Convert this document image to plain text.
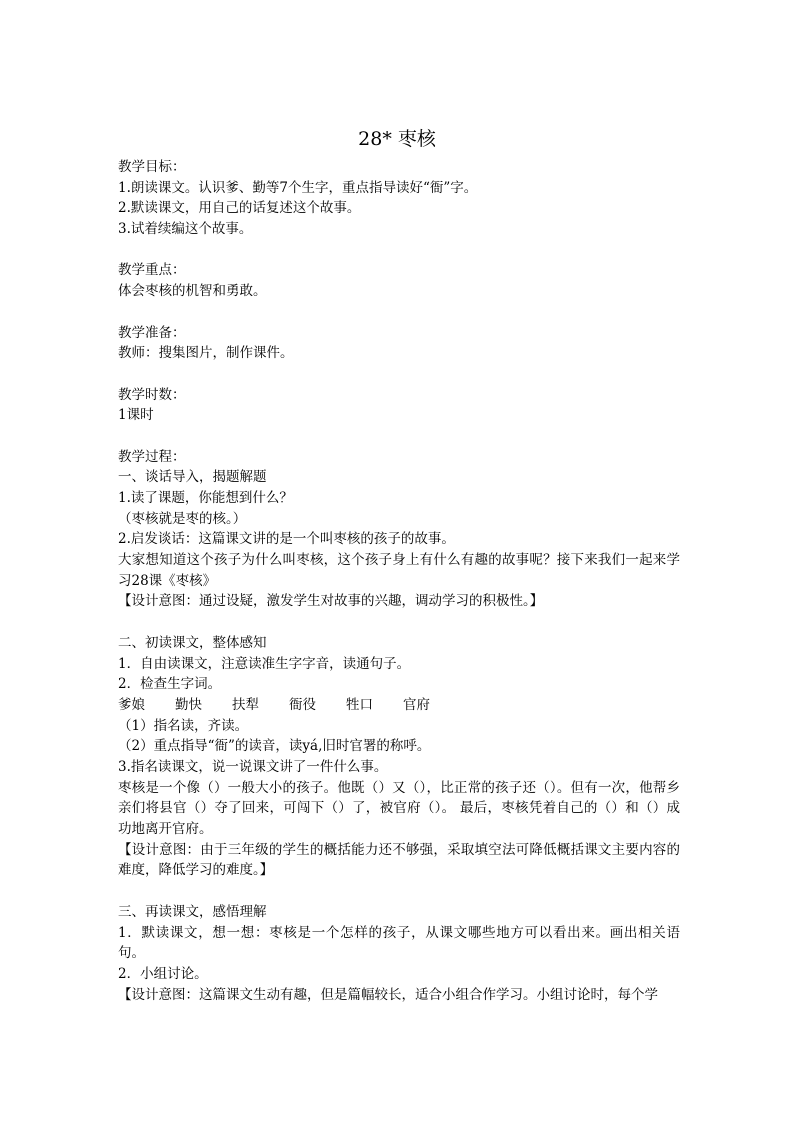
28* 枣核
教学目标：
1.朗读课文。认识爹、勤等7个生字，重点指导读好“衙”字。
2.默读课文，用自己的话复述这个故事。
3.试着续编这个故事。
教学重点：
体会枣核的机智和勇敢。
教学准备：
教师：搜集图片，制作课件。
教学时数：
1课时
教学过程：
一、谈话导入，揭题解题
1.读了课题，你能想到什么？
（枣核就是枣的核。）
2.启发谈话：这篇课文讲的是一个叫枣核的孩子的故事。
大家想知道这个孩子为什么叫枣核，这个孩子身上有什么有趣的故事呢？接下来我们一起来学习28课《枣核》
【设计意图：通过设疑，激发学生对故事的兴趣，调动学习的积极性。】
二、初读课文，整体感知
1．自由读课文，注意读准生字字音，读通句子。
2．检查生字词。
爹娘 勤快 扶犁 衙役 牲口 官府
（1）指名读，齐读。
（2）重点指导“衙”的读音，读yá,旧时官署的称呼。
3.指名读课文，说一说课文讲了一件什么事。
枣核是一个像（）一般大小的孩子。他既（）又（），比正常的孩子还（）。但有一次，他帮乡亲们将县官（）夺了回来，可闯下（）了，被官府（）。 最后，枣核凭着自己的（）和（）成功地离开官府。
【设计意图：由于三年级的学生的概括能力还不够强，采取填空法可降低概括课文主要内容的难度，降低学习的难度。】
三、再读课文，感悟理解
1．默读课文，想一想：枣核是一个怎样的孩子，从课文哪些地方可以看出来。画出相关语句。
2．小组讨论。
【设计意图：这篇课文生动有趣，但是篇幅较长，适合小组合作学习。小组讨论时，每个学
